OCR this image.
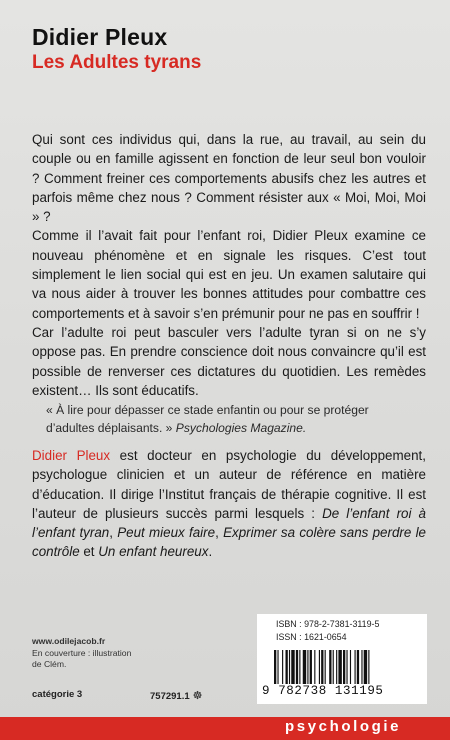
Didier Pleux
Les Adultes tyrans

Qui sont ces individus qui, dans la rue, au travail, au sein du couple ou en famille agissent en fonction de leur seul bon vouloir ? Comment freiner ces comportements abusifs chez les autres et parfois même chez nous ? Comment résister aux « Moi, Moi, Moi » ?

Comme il l’avait fait pour l’enfant roi, Didier Pleux examine ce nouveau phénomène et en signale les risques. C’est tout simplement le lien social qui est en jeu. Un examen salutaire qui va nous aider à trouver les bonnes attitudes pour combattre ces comportements et à savoir s’en prémunir pour ne pas en souffrir !

Car l’adulte roi peut basculer vers l’adulte tyran si on ne s’y oppose pas. En prendre conscience doit nous convaincre qu’il est possible de renverser ces dictatures du quotidien. Les remèdes existent… Ils sont éducatifs.

« À lire pour dépasser ce stade enfantin ou pour se protéger d’adultes déplaisants. » Psychologies Magazine.
Didier Pleux est docteur en psychologie du développement, psychologue clinicien et un auteur de référence en matière d’éducation. Il dirige l’Institut français de thérapie cognitive. Il est l’auteur de plusieurs succès parmi lesquels : De l’enfant roi à l’enfant tyran, Peut mieux faire, Exprimer sa colère sans perdre le contrôle et Un enfant heureux.
www.odilejacob.fr
En couverture : illustration
de Clém.
catégorie 3	757291.1 ☸
ISBN : 978-2-7381-3119-5
ISSN : 1621-0654
9 782738 131195
psychologie
